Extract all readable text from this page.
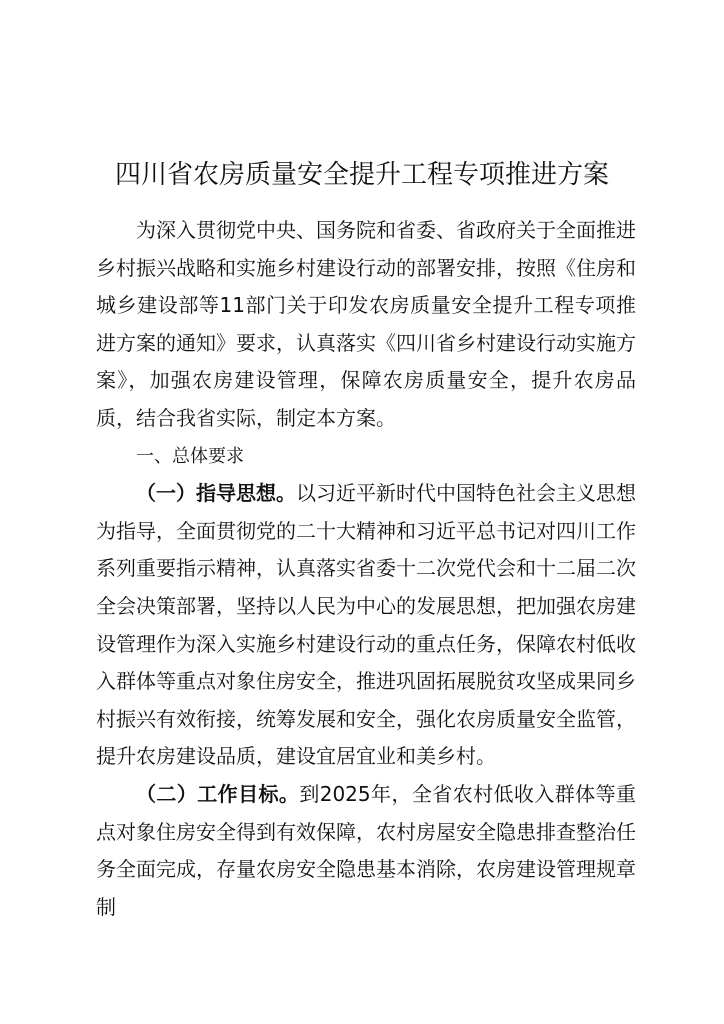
四川省农房质量安全提升工程专项推进方案

为深入贯彻党中央、国务院和省委、省政府关于全面推进乡村振兴战略和实施乡村建设行动的部署安排，按照《住房和城乡建设部等11部门关于印发农房质量安全提升工程专项推进方案的通知》要求，认真落实《四川省乡村建设行动实施方案》，加强农房建设管理，保障农房质量安全，提升农房品质，结合我省实际，制定本方案。

一、总体要求

（一）指导思想。以习近平新时代中国特色社会主义思想为指导，全面贯彻党的二十大精神和习近平总书记对四川工作系列重要指示精神，认真落实省委十二次党代会和十二届二次全会决策部署，坚持以人民为中心的发展思想，把加强农房建设管理作为深入实施乡村建设行动的重点任务，保障农村低收入群体等重点对象住房安全，推进巩固拓展脱贫攻坚成果同乡村振兴有效衔接，统筹发展和安全，强化农房质量安全监管，提升农房建设品质，建设宜居宜业和美乡村。

（二）工作目标。到2025年，全省农村低收入群体等重点对象住房安全得到有效保障，农村房屋安全隐患排查整治任务全面完成，存量农房安全隐患基本消除，农房建设管理规章制
